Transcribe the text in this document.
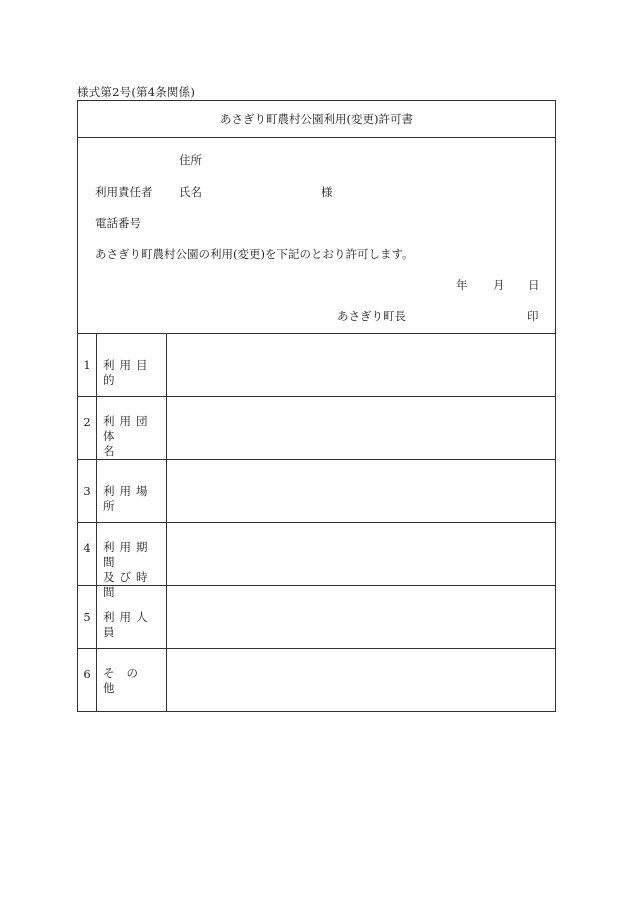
様式第2号(第4条関係)
あさぎり町農村公園利用(変更)許可書
住所
利用責任者 氏名	様
電話番号
あさぎり町農村公園の利用(変更)を下記のとおり許可します。
年 月 日
あさぎり町長	印
1	利用目的
2	利用団体
名
3	利用場所
4	利用期間
及び時間
5	利用人員
6	その他
